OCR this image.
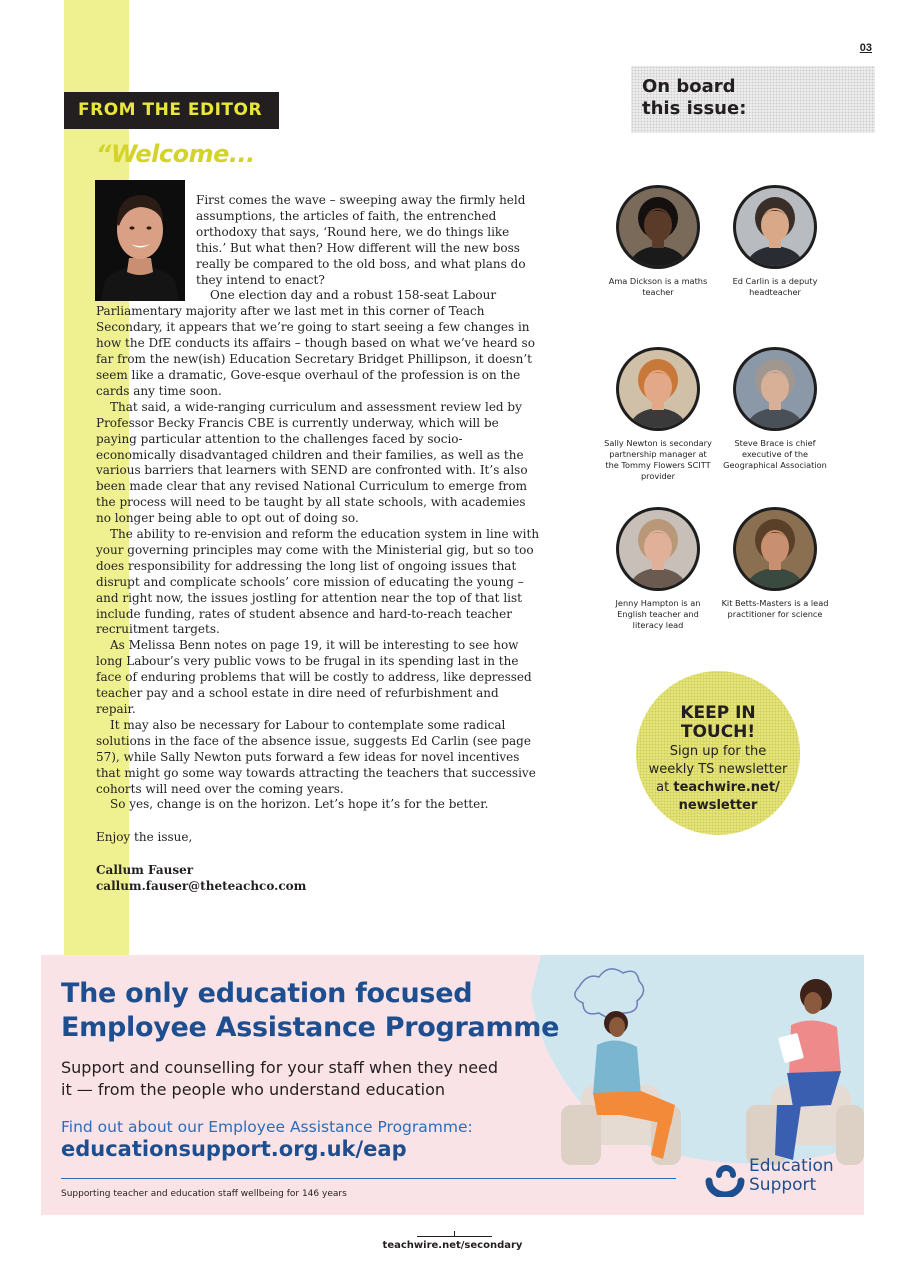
03
FROM THE EDITOR
“Welcome...

First comes the wave – sweeping away the firmly held assumptions, the articles of faith, the entrenched orthodoxy that says, ‘Round here, we do things like this.’ But what then? How different will the new boss really be compared to the old boss, and what plans do they intend to enact?

One election day and a robust 158-seat Labour Parliamentary majority after we last met in this corner of Teach Secondary, it appears that we’re going to start seeing a few changes in how the DfE conducts its affairs – though based on what we’ve heard so far from the new(ish) Education Secretary Bridget Phillipson, it doesn’t seem like a dramatic, Gove-esque overhaul of the profession is on the cards any time soon.

That said, a wide-ranging curriculum and assessment review led by Professor Becky Francis CBE is currently underway, which will be paying particular attention to the challenges faced by socio-economically disadvantaged children and their families, as well as the various barriers that learners with SEND are confronted with. It’s also been made clear that any revised National Curriculum to emerge from the process will need to be taught by all state schools, with academies no longer being able to opt out of doing so.

The ability to re-envision and reform the education system in line with your governing principles may come with the Ministerial gig, but so too does responsibility for addressing the long list of ongoing issues that disrupt and complicate schools’ core mission of educating the young – and right now, the issues jostling for attention near the top of that list include funding, rates of student absence and hard-to-reach teacher recruitment targets.

As Melissa Benn notes on page 19, it will be interesting to see how long Labour’s very public vows to be frugal in its spending last in the face of enduring problems that will be costly to address, like depressed teacher pay and a school estate in dire need of refurbishment and repair.

It may also be necessary for Labour to contemplate some radical solutions in the face of the absence issue, suggests Ed Carlin (see page 57), while Sally Newton puts forward a few ideas for novel incentives that might go some way towards attracting the teachers that successive cohorts will need over the coming years.

So yes, change is on the horizon. Let’s hope it’s for the better.

Enjoy the issue,
Callum Fauser
callum.fauser@theteachco.com
On board
this issue:
Ama Dickson is a maths teacher
Ed Carlin is a deputy headteacher
Sally Newton is secondary partnership manager at the Tommy Flowers SCITT provider
Steve Brace is chief executive of the Geographical Association
Jenny Hampton is an English teacher and literacy lead
Kit Betts-Masters is a lead practitioner for science
KEEP IN
TOUCH!
Sign up for the
weekly TS newsletter
at teachwire.net/
newsletter
The only education focused
Employee Assistance Programme
Support and counselling for your staff when they need
it — from the people who understand education
Find out about our Employee Assistance Programme:
educationsupport.org.uk/eap
Supporting teacher and education staff wellbeing for 146 years
Education
Support
teachwire.net/secondary
